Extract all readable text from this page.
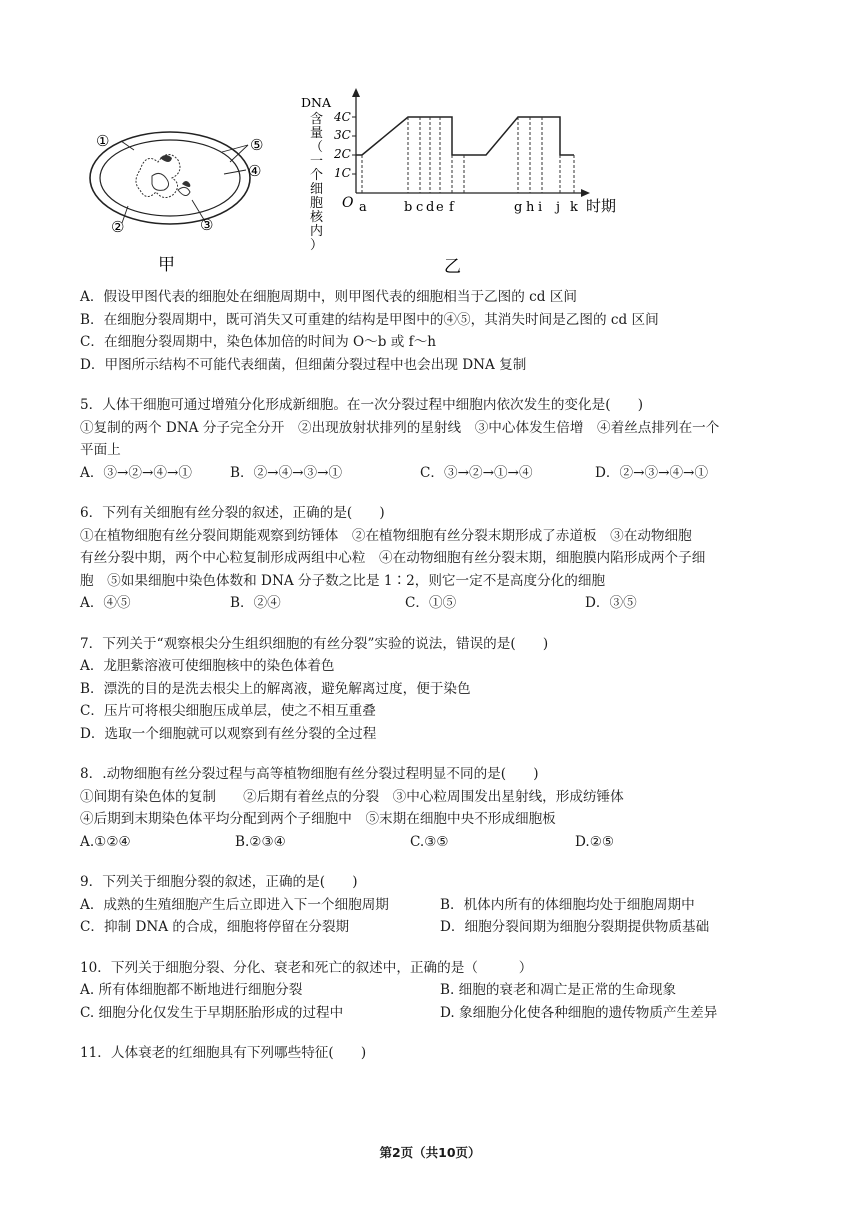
①
②	③
④
⑤
甲
DNA
含
量
（
一
个
细
胞
核
内
）
4C
3C
2C
1C
O a	b c d e f	g h i j k 时期
乙
A．假设甲图代表的细胞处在细胞周期中，则甲图代表的细胞相当于乙图的 cd 区间
B．在细胞分裂周期中，既可消失又可重建的结构是甲图中的④⑤，其消失时间是乙图的 cd 区间
C．在细胞分裂周期中，染色体加倍的时间为 O～b 或 f～h
D．甲图所示结构不可能代表细菌，但细菌分裂过程中也会出现 DNA 复制
5．人体干细胞可通过增殖分化形成新细胞。在一次分裂过程中细胞内依次发生的变化是(　　)
①复制的两个 DNA 分子完全分开　②出现放射状排列的星射线　③中心体发生倍增　④着丝点排列在一个
平面上
A．③→②→④→①	B．②→④→③→①	C．③→②→①→④	D．②→③→④→①
6．下列有关细胞有丝分裂的叙述，正确的是(　　)
①在植物细胞有丝分裂间期能观察到纺锤体　②在植物细胞有丝分裂末期形成了赤道板　③在动物细胞
有丝分裂中期，两个中心粒复制形成两组中心粒　④在动物细胞有丝分裂末期，细胞膜内陷形成两个子细
胞　⑤如果细胞中染色体数和 DNA 分子数之比是 1∶2，则它一定不是高度分化的细胞
A．④⑤	B．②④	C．①⑤	D．③⑤
7．下列关于“观察根尖分生组织细胞的有丝分裂”实验的说法，错误的是(　　)
A．龙胆紫溶液可使细胞核中的染色体着色
B．漂洗的目的是洗去根尖上的解离液，避免解离过度，便于染色
C．压片可将根尖细胞压成单层，使之不相互重叠
D．选取一个细胞就可以观察到有丝分裂的全过程
8．.动物细胞有丝分裂过程与高等植物细胞有丝分裂过程明显不同的是(　　)
①间期有染色体的复制　　②后期有着丝点的分裂　③中心粒周围发出星射线，形成纺锤体
④后期到末期染色体平均分配到两个子细胞中　⑤末期在细胞中央不形成细胞板
A.①②④	B.②③④	C.③⑤	D.②⑤
9．下列关于细胞分裂的叙述，正确的是(　　)
A．成熟的生殖细胞产生后立即进入下一个细胞周期	B．机体内所有的体细胞均处于细胞周期中
C．抑制 DNA 的合成，细胞将停留在分裂期	D．细胞分裂间期为细胞分裂期提供物质基础
10．下列关于细胞分裂、分化、衰老和死亡的叙述中，正确的是（　　　）
A. 所有体细胞都不断地进行细胞分裂	B. 细胞的衰老和凋亡是正常的生命现象
C. 细胞分化仅发生于早期胚胎形成的过程中	D. 象细胞分化使各种细胞的遗传物质产生差异
11．人体衰老的红细胞具有下列哪些特征(　　)
第2页（共10页）
